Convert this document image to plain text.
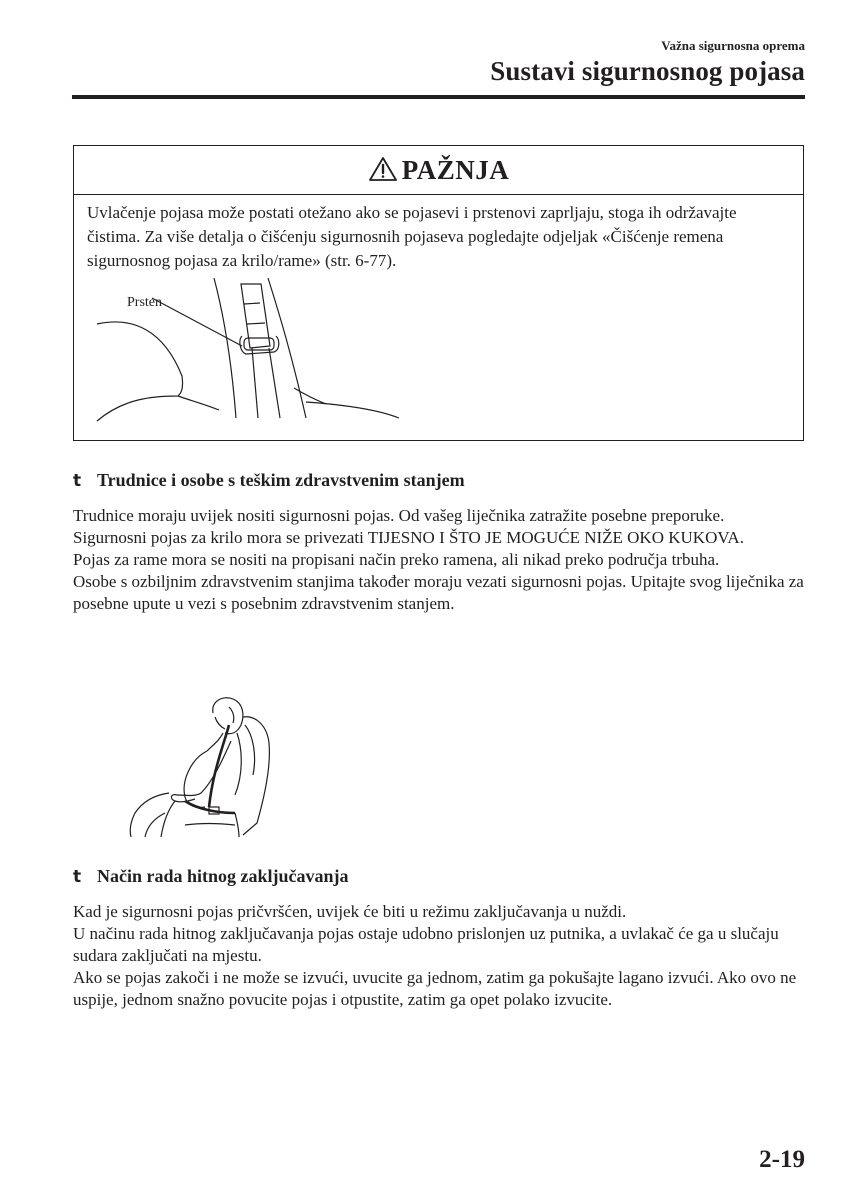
Važna sigurnosna oprema
Sustavi sigurnosnog pojasa
PAŽNJA
Uvlačenje pojasa može postati otežano ako se pojasevi i prstenovi zaprljaju, stoga ih održavajte čistima. Za više detalja o čišćenju sigurnosnih pojaseva pogledajte odjeljak «Čišćenje remena sigurnosnog pojasa za krilo/rame» (str. 6-77).
Prsten
t Trudnice i osobe s teškim zdravstvenim stanjem

Trudnice moraju uvijek nositi sigurnosni pojas. Od vašeg liječnika zatražite posebne preporuke.

Sigurnosni pojas za krilo mora se privezati TIJESNO I ŠTO JE MOGUĆE NIŽE OKO KUKOVA.

Pojas za rame mora se nositi na propisani način preko ramena, ali nikad preko područja trbuha.

Osobe s ozbiljnim zdravstvenim stanjima također moraju vezati sigurnosni pojas. Upitajte svog liječnika za posebne upute u vezi s posebnim zdravstvenim stanjem.

t Način rada hitnog zaključavanja

Kad je sigurnosni pojas pričvršćen, uvijek će biti u režimu zaključavanja u nuždi.

U načinu rada hitnog zaključavanja pojas ostaje udobno prislonjen uz putnika, a uvlakač će ga u slučaju sudara zaključati na mjestu.

Ako se pojas zakoči i ne može se izvući, uvucite ga jednom, zatim ga pokušajte lagano izvući. Ako ovo ne uspije, jednom snažno povucite pojas i otpustite, zatim ga opet polako izvucite.

2-19
